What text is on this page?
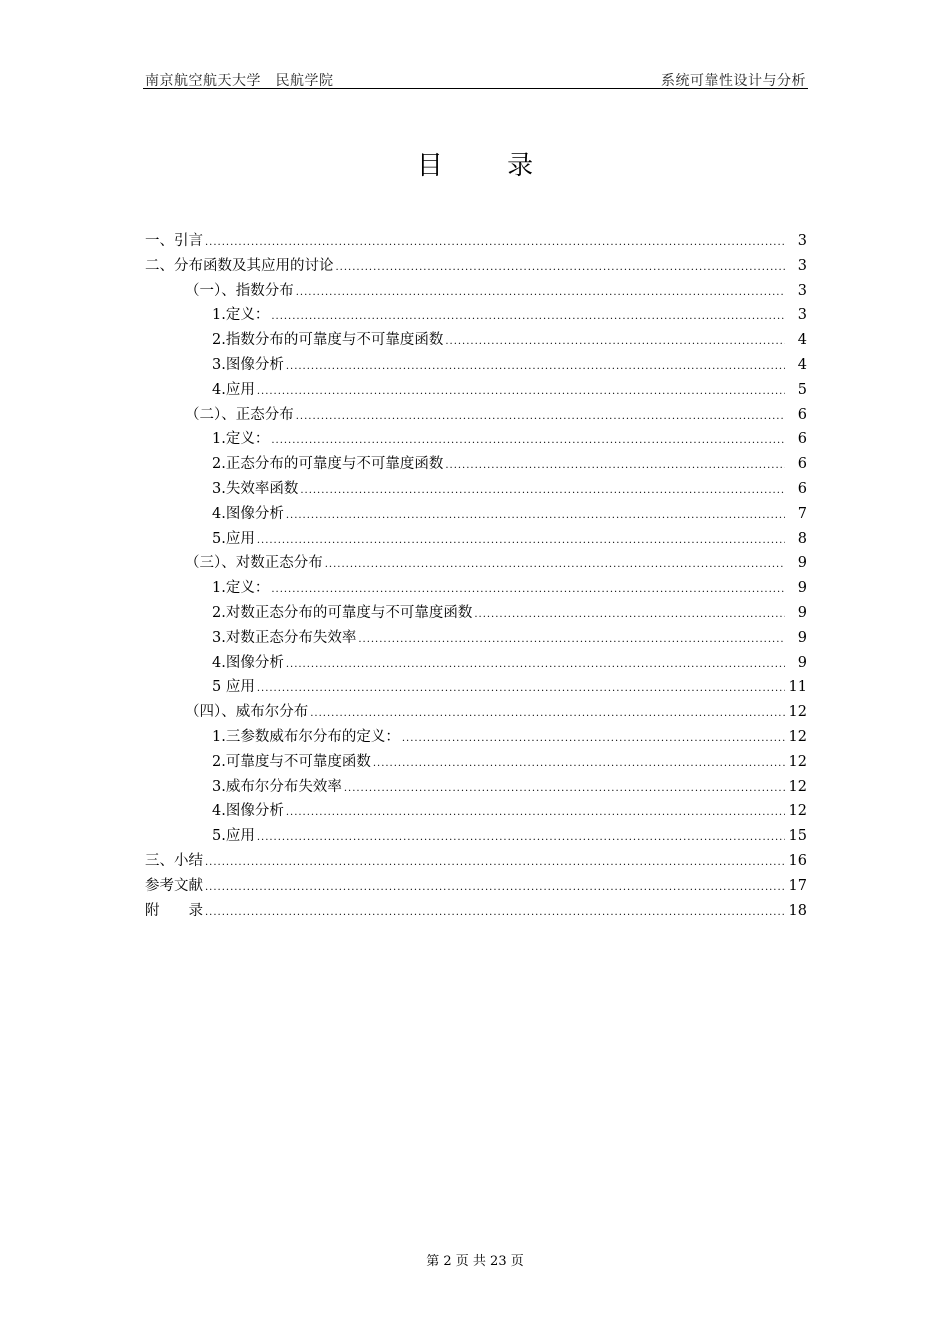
南京航空航天大学　民航学院	系统可靠性设计与分析
目 录
一、引言 .....	3
二、分布函数及其应用的讨论 .....	3
（一）、指数分布 .....	3
1.定义： .....	3
2.指数分布的可靠度与不可靠度函数 .....	4
3.图像分析 .....	4
4.应用 .....	5
（二）、正态分布 .....	6
1.定义： .....	6
2.正态分布的可靠度与不可靠度函数 .....	6
3.失效率函数 .....	6
4.图像分析 .....	7
5.应用 .....	8
（三）、对数正态分布 .....	9
1.定义： .....	9
2.对数正态分布的可靠度与不可靠度函数 .....	9
3.对数正态分布失效率 .....	9
4.图像分析 .....	9
5 应用 .....	11
（四）、威布尔分布 .....	12
1.三参数威布尔分布的定义： .....	12
2.可靠度与不可靠度函数 .....	12
3.威布尔分布失效率 .....	12
4.图像分析 .....	12
5.应用 .....	15
三、小结 .....	16
参考文献 .....	17
附　　录 .....	18
第 2 页 共 23 页
